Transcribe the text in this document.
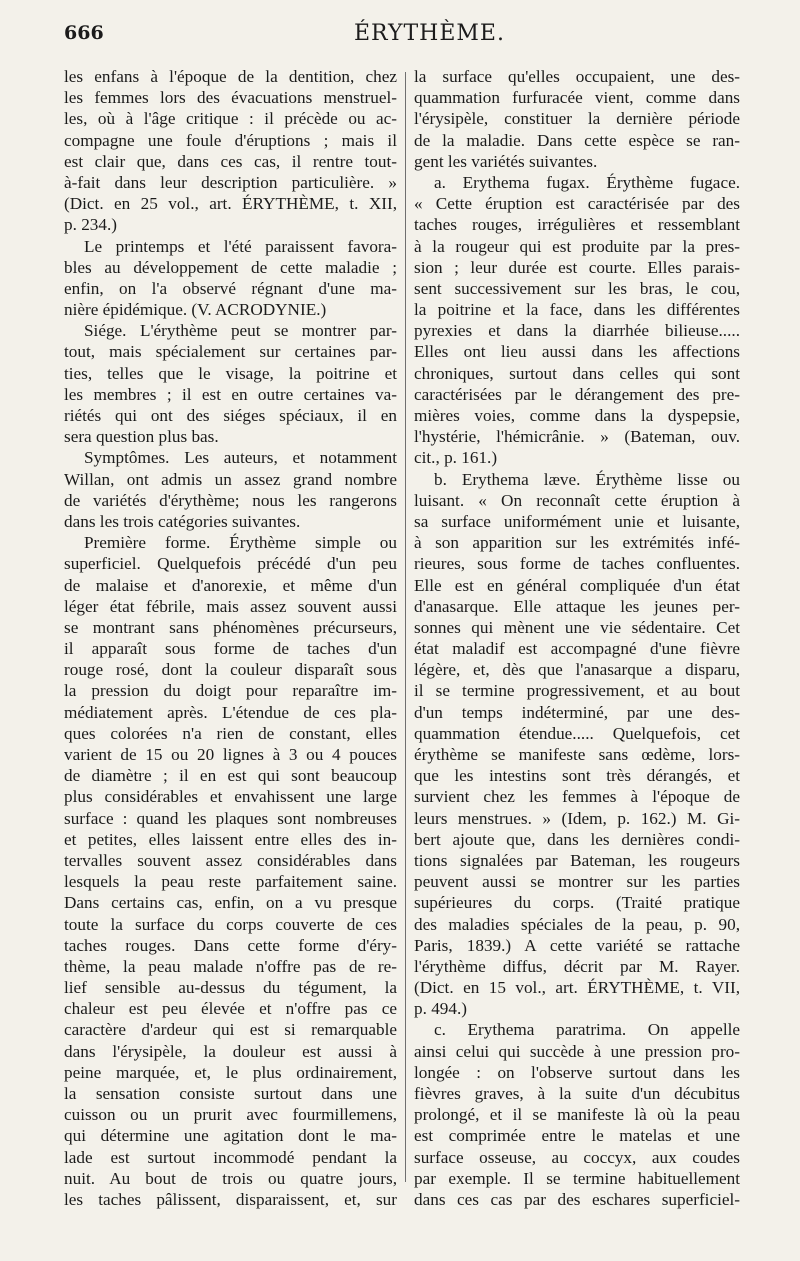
666	ÉRYTHÈME.
les enfans à l'époque de la dentition, chez
les femmes lors des évacuations menstruel-
les, où à l'âge critique : il précède ou ac-
compagne une foule d'éruptions ; mais il
est clair que, dans ces cas, il rentre tout-
à-fait dans leur description particulière. »
(Dict. en 25 vol., art. ÉRYTHÈME, t. XII,
p. 234.)
Le printemps et l'été paraissent favora-
bles au développement de cette maladie ;
enfin, on l'a observé régnant d'une ma-
nière épidémique. (V. ACRODYNIE.)
Siége. L'érythème peut se montrer par-
tout, mais spécialement sur certaines par-
ties, telles que le visage, la poitrine et
les membres ; il est en outre certaines va-
riétés qui ont des siéges spéciaux, il en
sera question plus bas.
Symptômes. Les auteurs, et notamment
Willan, ont admis un assez grand nombre
de variétés d'érythème; nous les rangerons
dans les trois catégories suivantes.
Première forme. Érythème simple ou
superficiel. Quelquefois précédé d'un peu
de malaise et d'anorexie, et même d'un
léger état fébrile, mais assez souvent aussi
se montrant sans phénomènes précurseurs,
il apparaît sous forme de taches d'un
rouge rosé, dont la couleur disparaît sous
la pression du doigt pour reparaître im-
médiatement après. L'étendue de ces pla-
ques colorées n'a rien de constant, elles
varient de 15 ou 20 lignes à 3 ou 4 pouces
de diamètre ; il en est qui sont beaucoup
plus considérables et envahissent une large
surface : quand les plaques sont nombreuses
et petites, elles laissent entre elles des in-
tervalles souvent assez considérables dans
lesquels la peau reste parfaitement saine.
Dans certains cas, enfin, on a vu presque
toute la surface du corps couverte de ces
taches rouges. Dans cette forme d'éry-
thème, la peau malade n'offre pas de re-
lief sensible au-dessus du tégument, la
chaleur est peu élevée et n'offre pas ce
caractère d'ardeur qui est si remarquable
dans l'érysipèle, la douleur est aussi à
peine marquée, et, le plus ordinairement,
la sensation consiste surtout dans une
cuisson ou un prurit avec fourmillemens,
qui détermine une agitation dont le ma-
lade est surtout incommodé pendant la
nuit. Au bout de trois ou quatre jours,
les taches pâlissent, disparaissent, et, sur
la surface qu'elles occupaient, une des-
quammation furfuracée vient, comme dans
l'érysipèle, constituer la dernière période
de la maladie. Dans cette espèce se ran-
gent les variétés suivantes.
a. Erythema fugax. Érythème fugace.
« Cette éruption est caractérisée par des
taches rouges, irrégulières et ressemblant
à la rougeur qui est produite par la pres-
sion ; leur durée est courte. Elles parais-
sent successivement sur les bras, le cou,
la poitrine et la face, dans les différentes
pyrexies et dans la diarrhée bilieuse.....
Elles ont lieu aussi dans les affections
chroniques, surtout dans celles qui sont
caractérisées par le dérangement des pre-
mières voies, comme dans la dyspepsie,
l'hystérie, l'hémicrânie. » (Bateman, ouv.
cit., p. 161.)
b. Erythema læve. Érythème lisse ou
luisant. « On reconnaît cette éruption à
sa surface uniformément unie et luisante,
à son apparition sur les extrémités infé-
rieures, sous forme de taches confluentes.
Elle est en général compliquée d'un état
d'anasarque. Elle attaque les jeunes per-
sonnes qui mènent une vie sédentaire. Cet
état maladif est accompagné d'une fièvre
légère, et, dès que l'anasarque a disparu,
il se termine progressivement, et au bout
d'un temps indéterminé, par une des-
quammation étendue..... Quelquefois, cet
érythème se manifeste sans œdème, lors-
que les intestins sont très dérangés, et
survient chez les femmes à l'époque de
leurs menstrues. » (Idem, p. 162.) M. Gi-
bert ajoute que, dans les dernières condi-
tions signalées par Bateman, les rougeurs
peuvent aussi se montrer sur les parties
supérieures du corps. (Traité pratique
des maladies spéciales de la peau, p. 90,
Paris, 1839.) A cette variété se rattache
l'érythème diffus, décrit par M. Rayer.
(Dict. en 15 vol., art. ÉRYTHÈME, t. VII,
p. 494.)
c. Erythema paratrima. On appelle
ainsi celui qui succède à une pression pro-
longée : on l'observe surtout dans les
fièvres graves, à la suite d'un décubitus
prolongé, et il se manifeste là où la peau
est comprimée entre le matelas et une
surface osseuse, au coccyx, aux coudes
par exemple. Il se termine habituellement
dans ces cas par des eschares superficiel-
